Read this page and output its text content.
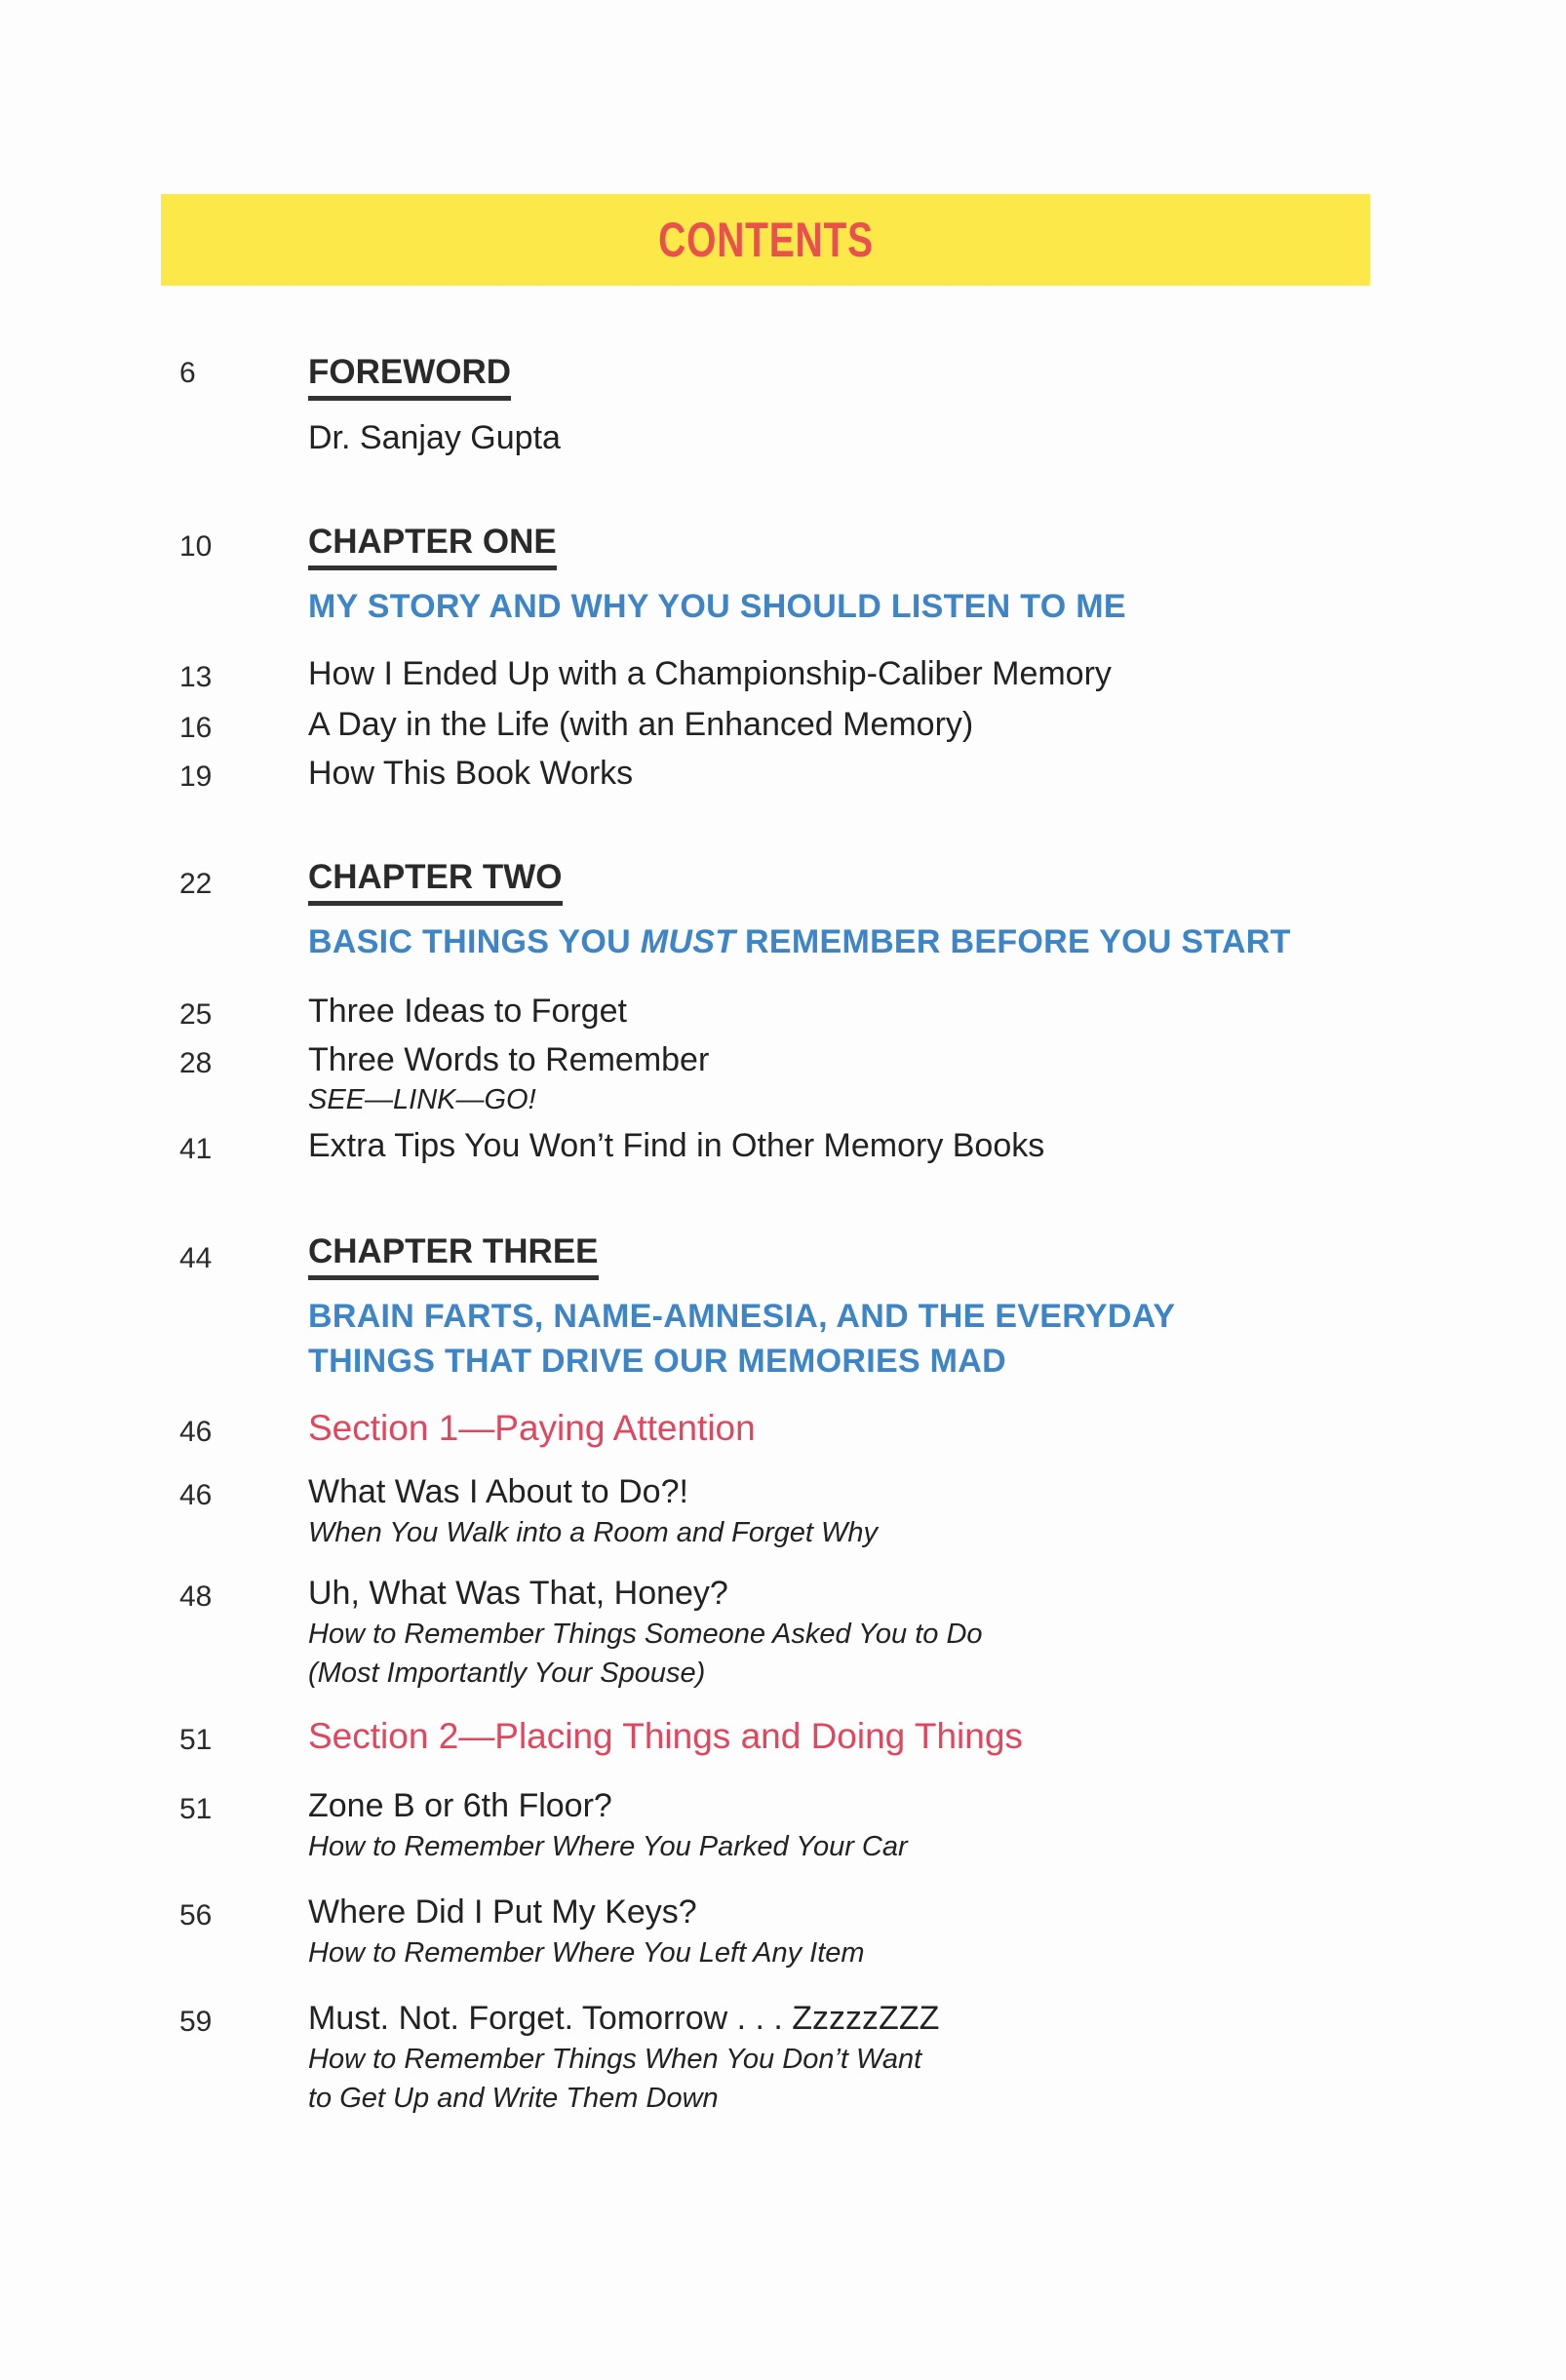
CONTENTS
6	FOREWORD
Dr. Sanjay Gupta
10	CHAPTER ONE
MY STORY AND WHY YOU SHOULD LISTEN TO ME
13	How I Ended Up with a Championship-Caliber Memory
16	A Day in the Life (with an Enhanced Memory)
19	How This Book Works
22	CHAPTER TWO
BASIC THINGS YOU MUST REMEMBER BEFORE YOU START
25	Three Ideas to Forget
28	Three Words to Remember
SEE—LINK—GO!
41	Extra Tips You Won’t Find in Other Memory Books
44	CHAPTER THREE
BRAIN FARTS, NAME-AMNESIA, AND THE EVERYDAY
THINGS THAT DRIVE OUR MEMORIES MAD
46	Section 1—Paying Attention
46	What Was I About to Do?!
When You Walk into a Room and Forget Why
48	Uh, What Was That, Honey?
How to Remember Things Someone Asked You to Do
(Most Importantly Your Spouse)
51	Section 2—Placing Things and Doing Things
51	Zone B or 6th Floor?
How to Remember Where You Parked Your Car
56	Where Did I Put My Keys?
How to Remember Where You Left Any Item
59	Must. Not. Forget. Tomorrow . . . ZzzzzZZZ
How to Remember Things When You Don’t Want
to Get Up and Write Them Down
